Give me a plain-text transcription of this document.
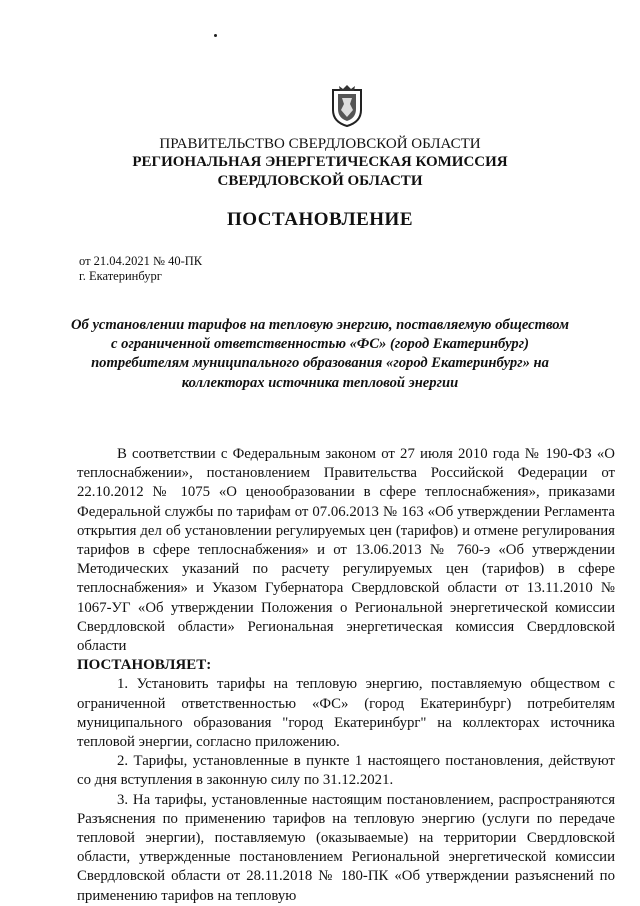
ПРАВИТЕЛЬСТВО СВЕРДЛОВСКОЙ ОБЛАСТИ
РЕГИОНАЛЬНАЯ ЭНЕРГЕТИЧЕСКАЯ КОМИССИЯ
СВЕРДЛОВСКОЙ ОБЛАСТИ
ПОСТАНОВЛЕНИЕ
от 21.04.2021 № 40-ПК
г. Екатеринбург
Об установлении тарифов на тепловую энергию, поставляемую обществом с ограниченной ответственностью «ФС» (город Екатеринбург) потребителям муниципального образования «город Екатеринбург» на коллекторах источника тепловой энергии

В соответствии с Федеральным законом от 27 июля 2010 года № 190-ФЗ «О теплоснабжении», постановлением Правительства Российской Федерации от 22.10.2012 № 1075 «О ценообразовании в сфере теплоснабжения», приказами Федеральной службы по тарифам от 07.06.2013 № 163 «Об утверждении Регламента открытия дел об установлении регулируемых цен (тарифов) и отмене регулирования тарифов в сфере теплоснабжения» и от 13.06.2013 № 760-э «Об утверждении Методических указаний по расчету регулируемых цен (тарифов) в сфере теплоснабжения» и Указом Губернатора Свердловской области от 13.11.2010 № 1067-УГ «Об утверждении Положения о Региональной энергетической комиссии Свердловской области» Региональная энергетическая комиссия Свердловской области

ПОСТАНОВЛЯЕТ:

1. Установить тарифы на тепловую энергию, поставляемую обществом с ограниченной ответственностью «ФС» (город Екатеринбург) потребителям муниципального образования "город Екатеринбург" на коллекторах источника тепловой энергии, согласно приложению.

2. Тарифы, установленные в пункте 1 настоящего постановления, действуют со дня вступления в законную силу по 31.12.2021.

3. На тарифы, установленные настоящим постановлением, распространяются Разъяснения по применению тарифов на тепловую энергию (услуги по передаче тепловой энергии), поставляемую (оказываемые) на территории Свердловской области, утвержденные постановлением Региональной энергетической комиссии Свердловской области от 28.11.2018 № 180-ПК «Об утверждении разъяснений по применению тарифов на тепловую
